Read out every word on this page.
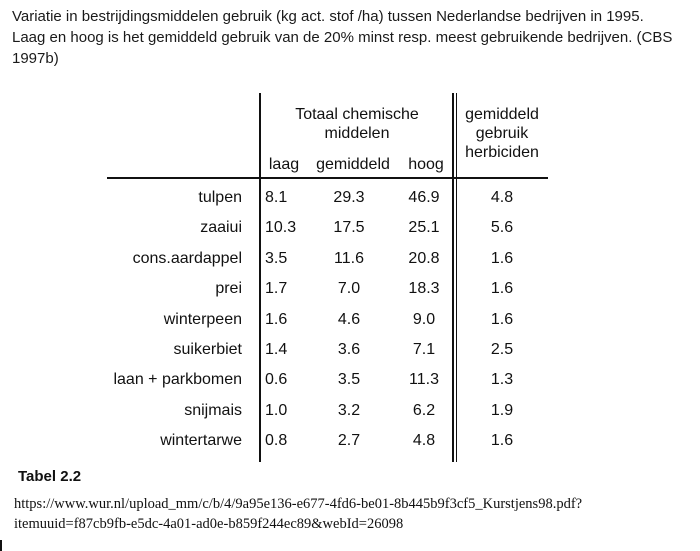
Variatie in bestrijdingsmiddelen gebruik (kg act. stof /ha) tussen Nederlandse bedrijven in 1995.
Laag en hoog is het gemiddeld gebruik van de 20% minst resp. meest gebruikende bedrijven. (CBS
1997b)
Totaal chemische
middelen
gemiddeld
gebruik
herbiciden
laag	gemiddeld	hoog
tulpen 8.1	29.3	46.9	4.8
zaaiui 10.3	17.5	25.1	5.6
cons.aardappel 3.5	11.6	20.8	1.6
prei 1.7	7.0	18.3	1.6
winterpeen 1.6	4.6	9.0	1.6
suikerbiet 1.4	3.6	7.1	2.5
laan + parkbomen 0.6	3.5	11.3	1.3
snijmais 1.0	3.2	6.2	1.9
wintertarwe 0.8	2.7	4.8	1.6
Tabel 2.2
https://www.wur.nl/upload_mm/c/b/4/9a95e136-e677-4fd6-be01-8b445b9f3cf5_Kurstjens98.pdf?
itemuuid=f87cb9fb-e5dc-4a01-ad0e-b859f244ec89&webId=26098
